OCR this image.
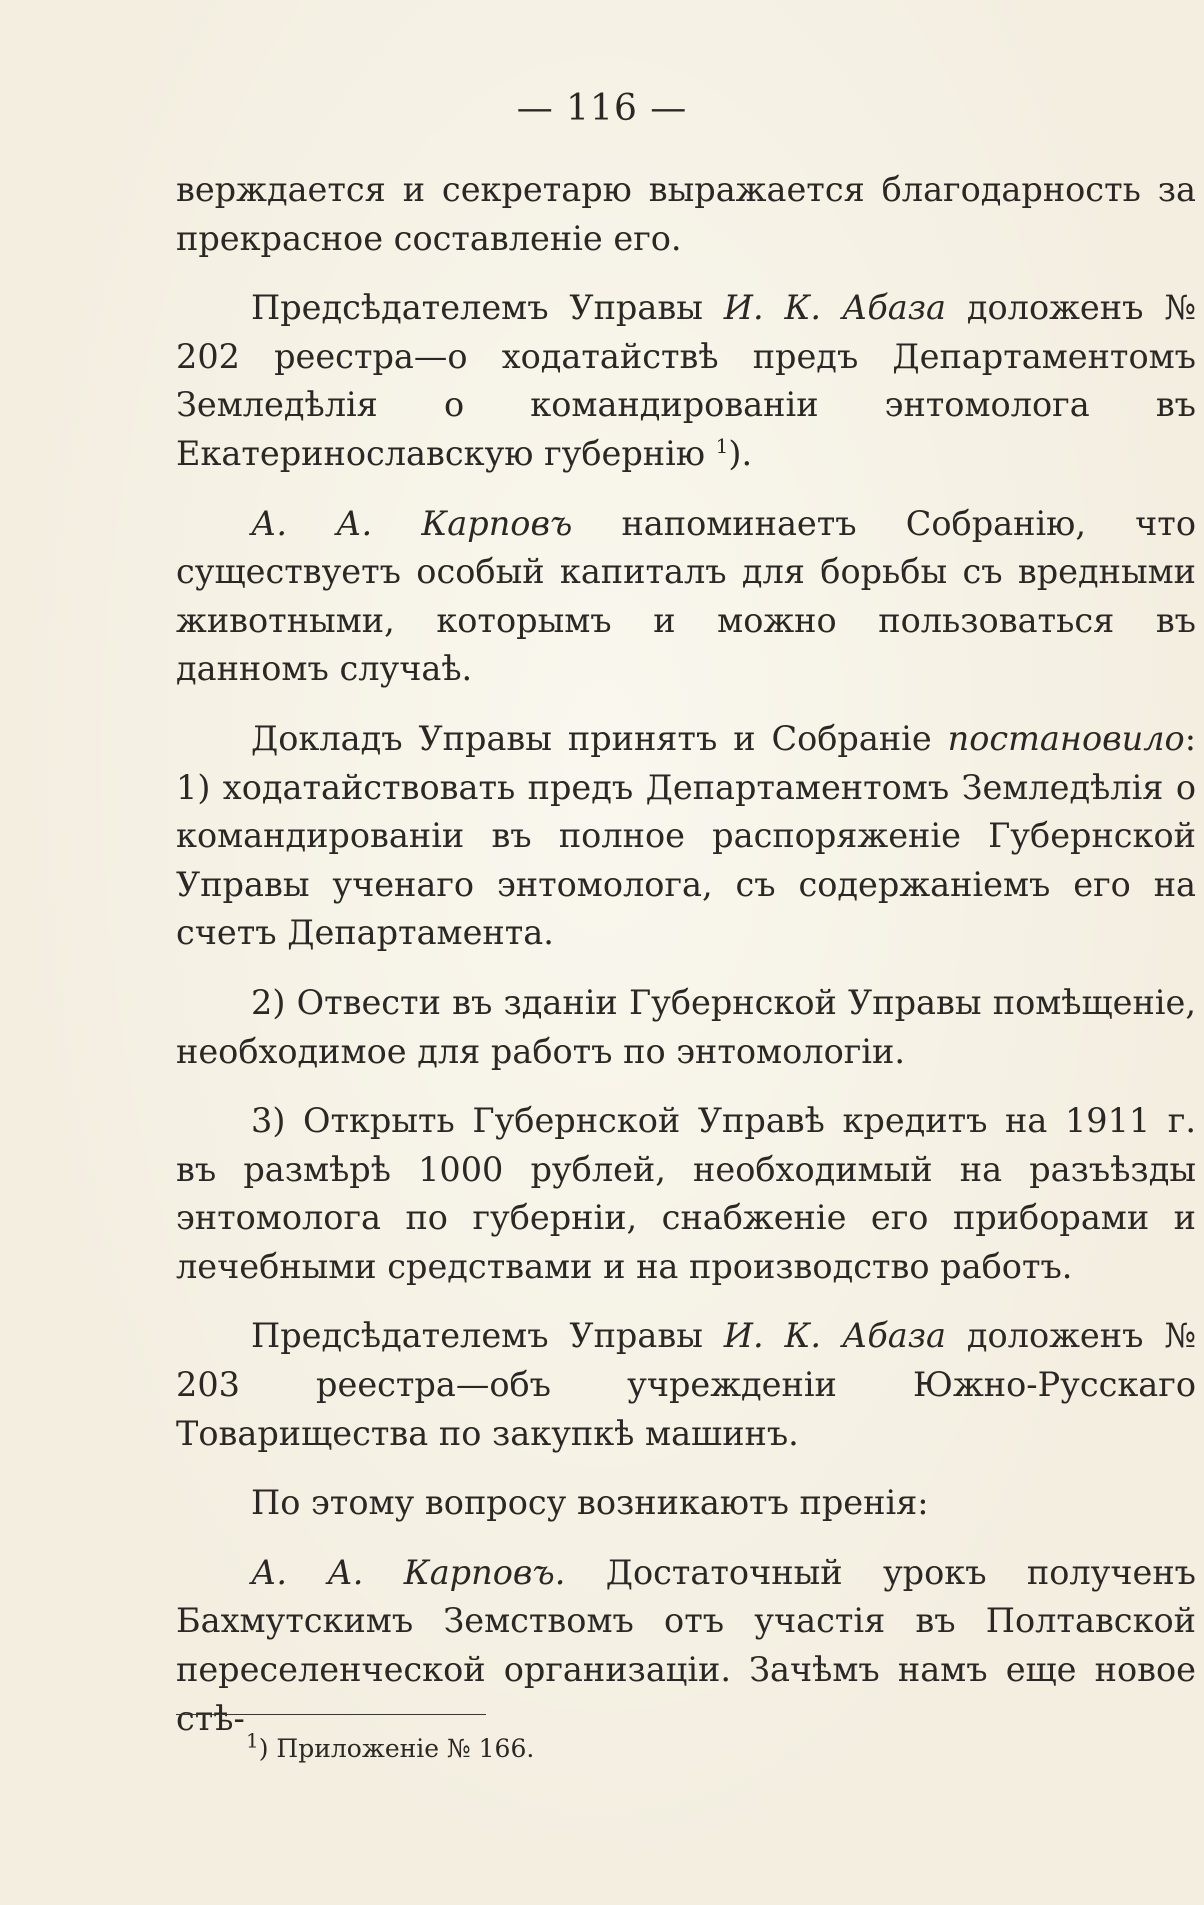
— 116 —

верждается и секретарю выражается благодарность за прекрасное составленіе его.

Предсѣдателемъ Управы И. К. Абаза доложенъ № 202 реестра—о ходатайствѣ предъ Департаментомъ Земледѣлія о командированіи энтомолога въ Екатеринославскую губернію $^1$).

А. А. Карповъ напоминаетъ Собранію, что существуетъ особый капиталъ для борьбы съ вредными животными, которымъ и можно пользоваться въ данномъ случаѣ.

Докладъ Управы принятъ и Собраніе постановило: 1) ходатайствовать предъ Департаментомъ Земледѣлія о командированіи въ полное распоряженіе Губернской Управы ученаго энтомолога, съ содержаніемъ его на счетъ Департамента.

2) Отвести въ зданіи Губернской Управы помѣщеніе, необходимое для работъ по энтомологіи.

3) Открыть Губернской Управѣ кредитъ на 1911 г. въ размѣрѣ 1000 рублей, необходимый на разъѣзды энтомолога по губерніи, снабженіе его приборами и лечебными средствами и на производство работъ.

Предсѣдателемъ Управы И. К. Абаза доложенъ № 203 реестра—объ учрежденіи Южно-Русскаго Товарищества по закупкѣ машинъ.

По этому вопросу возникаютъ пренія:

А. А. Карповъ. Достаточный урокъ полученъ Бахмутскимъ Земствомъ отъ участія въ Полтавской переселенческой организаціи. Зачѣмъ намъ еще новое стѣ-

$^1$) Приложеніе № 166.
